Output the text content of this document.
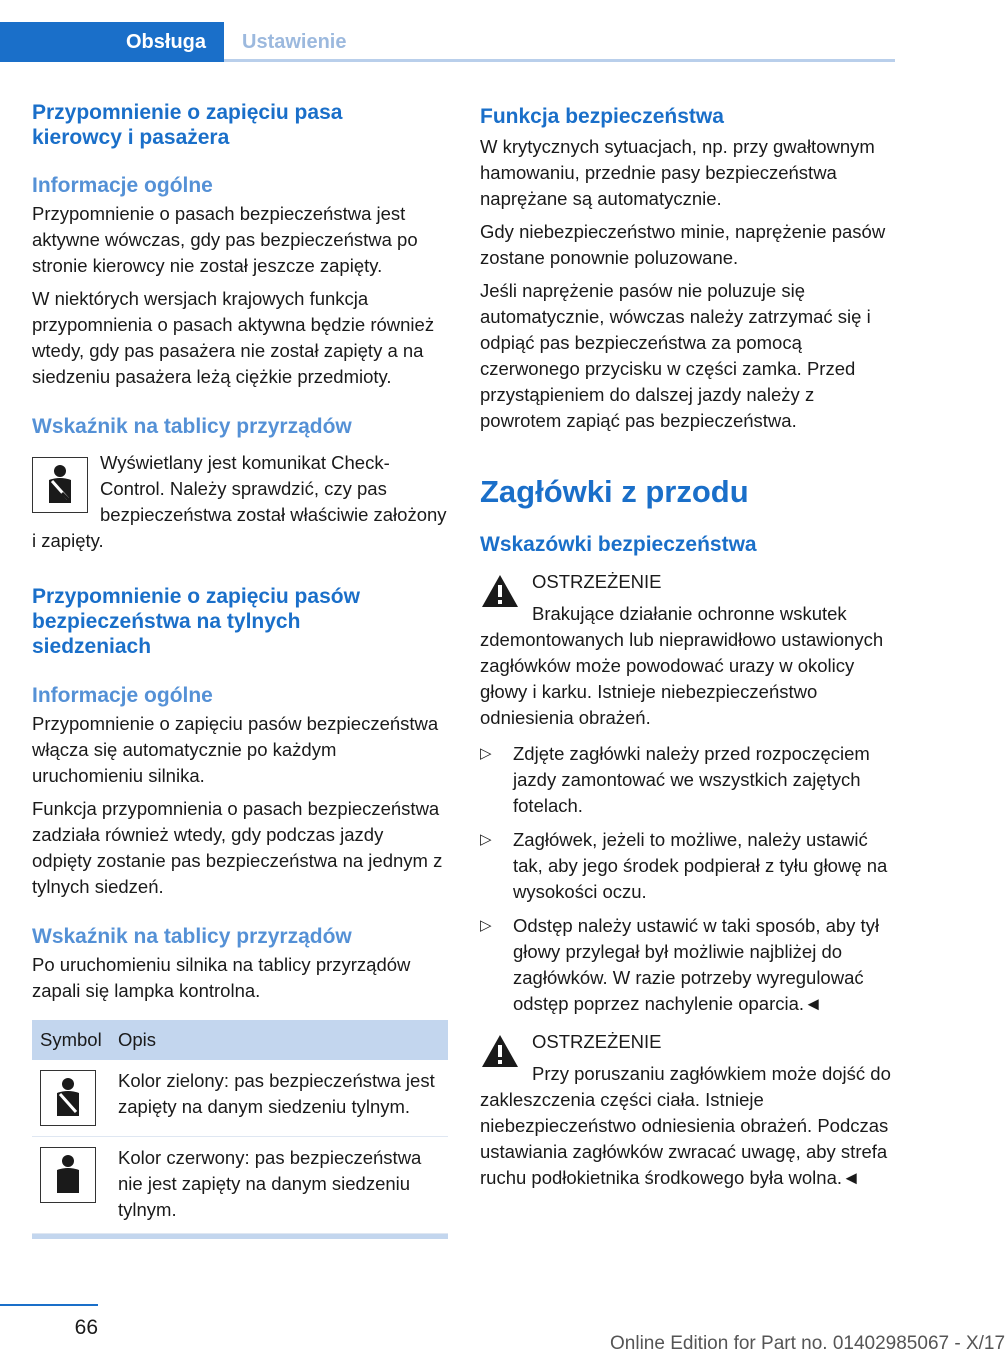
Obsługa	Ustawienie
Przypomnienie o zapięciu pasa kierowcy i pasażera
Informacje ogólne

Przypomnienie o pasach bezpieczeństwa jest aktywne wówczas, gdy pas bezpieczeństwa po stronie kierowcy nie został jeszcze zapięty.

W niektórych wersjach krajowych funkcja przypomnienia o pasach aktywna będzie również wtedy, gdy pas pasażera nie został zapięty a na siedzeniu pasażera leżą ciężkie przedmioty.

Wskaźnik na tablicy przyrządów

Wyświetlany jest komunikat Check-Control. Należy sprawdzić, czy pas bezpieczeństwa został właściwie założony i zapięty.

Przypomnienie o zapięciu pasów bezpieczeństwa na tylnych siedzeniach
Informacje ogólne

Przypomnienie o zapięciu pasów bezpieczeństwa włącza się automatycznie po każdym uruchomieniu silnika.

Funkcja przypomnienia o pasach bezpieczeństwa zadziała również wtedy, gdy podczas jazdy odpięty zostanie pas bezpieczeństwa na jednym z tylnych siedzeń.

Wskaźnik na tablicy przyrządów

Po uruchomieniu silnika na tablicy przyrządów zapali się lampka kontrolna.

Symbol	Opis

Kolor zielony: pas bezpieczeństwa jest zapięty na danym siedzeniu tylnym.

Kolor czerwony: pas bezpieczeństwa nie jest zapięty na danym siedzeniu tylnym.

Funkcja bezpieczeństwa

W krytycznych sytuacjach, np. przy gwałtownym hamowaniu, przednie pasy bezpieczeństwa naprężane są automatycznie.

Gdy niebezpieczeństwo minie, naprężenie pasów zostane ponownie poluzowane.

Jeśli naprężenie pasów nie poluzuje się automatycznie, wówczas należy zatrzymać się i odpiąć pas bezpieczeństwa za pomocą czerwonego przycisku w części zamka. Przed przystąpieniem do dalszej jazdy należy z powrotem zapiąć pas bezpieczeństwa.

Zagłówki z przodu
Wskazówki bezpieczeństwa

OSTRZEŻENIE

Brakujące działanie ochronne wskutek zdemontowanych lub nieprawidłowo ustawionych zagłówków może powodować urazy w okolicy głowy i karku. Istnieje niebezpieczeństwo odniesienia obrażeń.

▷ Zdjęte zagłówki należy przed rozpoczęciem jazdy zamontować we wszystkich zajętych fotelach.
▷ Zagłówek, jeżeli to możliwe, należy ustawić tak, aby jego środek podpierał z tyłu głowę na wysokości oczu.
▷ Odstęp należy ustawić w taki sposób, aby tył głowy przylegał był możliwie najbliżej do zagłówków. W razie potrzeby wyregulować odstęp poprzez nachylenie oparcia.◄

OSTRZEŻENIE

Przy poruszaniu zagłówkiem może dojść do zakleszczenia części ciała. Istnieje niebezpieczeństwo odniesienia obrażeń. Podczas ustawiania zagłówków zwracać uwagę, aby strefa ruchu podłokietnika środkowego była wolna.◄

66
Online Edition for Part no. 01402985067 - X/17
